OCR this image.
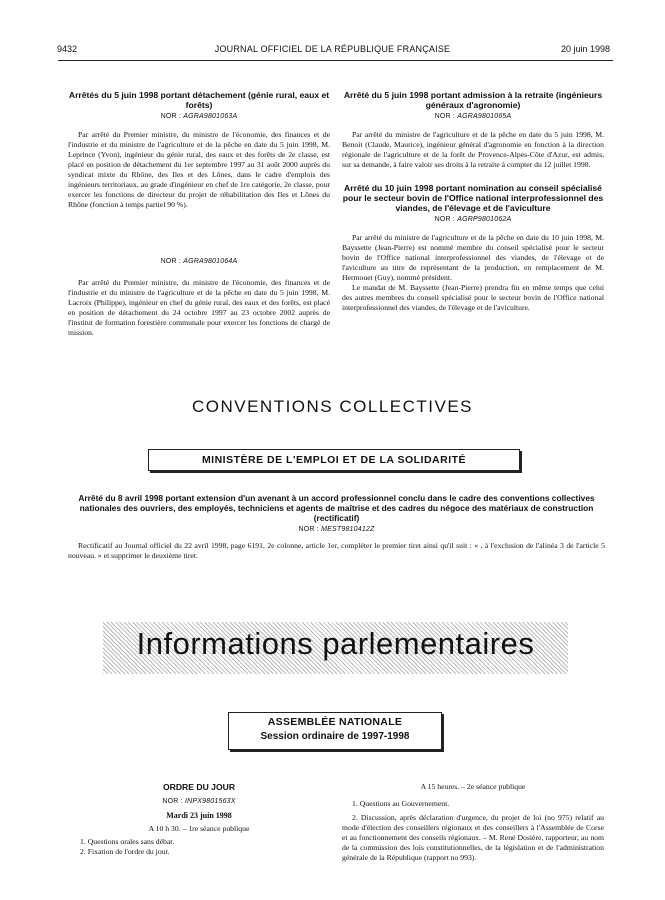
9432	JOURNAL OFFICIEL DE LA RÉPUBLIQUE FRANÇAISE	20 juin 1998

Arrêtés du 5 juin 1998 portant détachement (génie rural, eaux et forêts)

NOR : AGRA9801063A

Par arrêté du Premier ministre, du ministre de l'économie, des finances et de l'industrie et du ministre de l'agriculture et de la pêche en date du 5 juin 1998, M. Leprince (Yvon), ingénieur du génie rural, des eaux et des forêts de 2e classe, est placé en position de détachement du 1er septembre 1997 au 31 août 2000 auprès du syndicat mixte du Rhône, des Iles et des Lônes, dans le cadre d'emplois des ingénieurs territoriaux, au grade d'ingénieur en chef de 1re catégorie, 2e classe, pour exercer les fonctions de directeur du projet de réhabilitation des Iles et Lônes du Rhône (fonction à temps partiel 90 %).

NOR : AGRA9801064A

Par arrêté du Premier ministre, du ministre de l'économie, des finances et de l'industrie et du ministre de l'agriculture et de la pêche en date du 5 juin 1998, M. Lacroix (Philippe), ingénieur en chef du génie rural, des eaux et des forêts, est placé en position de détachement du 24 octobre 1997 au 23 octobre 2002 auprès de l'institut de formation forestière communale pour exercer les fonctions de chargé de mission.

Arrêté du 5 juin 1998 portant admission à la retraite (ingénieurs généraux d'agronomie)

NOR : AGRA9801065A

Par arrêté du ministre de l'agriculture et de la pêche en date du 5 juin 1998, M. Benoit (Claude, Maurice), ingénieur général d'agronomie en fonction à la direction régionale de l'agriculture et de la forêt de Provence-Alpes-Côte d'Azur, est admis, sur sa demande, à faire valoir ses droits à la retraite à compter du 12 juillet 1998.

Arrêté du 10 juin 1998 portant nomination au conseil spécialisé pour le secteur bovin de l'Office national interprofessionnel des viandes, de l'élevage et de l'aviculture

NOR : AGRP9801062A

Par arrêté du ministre de l'agriculture et de la pêche en date du 10 juin 1998, M. Bayssette (Jean-Pierre) est nommé membre du conseil spécialisé pour le secteur bovin de l'Office national interprofessionnel des viandes, de l'élevage et de l'aviculture au titre de représentant de la production, en remplacement de M. Hermouet (Guy), nommé président.

Le mandat de M. Bayssette (Jean-Pierre) prendra fin en même temps que celui des autres membres du conseil spécialisé pour le secteur bovin de l'Office national interprofessionnel des viandes, de l'élevage et de l'aviculture.

CONVENTIONS COLLECTIVES
MINISTÈRE DE L'EMPLOI ET DE LA SOLIDARITÉ

Arrêté du 8 avril 1998 portant extension d'un avenant à un accord professionnel conclu dans le cadre des conventions collectives nationales des ouvriers, des employés, techniciens et agents de maîtrise et des cadres du négoce des matériaux de construction (rectificatif)

NOR : MEST9810412Z

Rectificatif au Journal officiel du 22 avril 1998, page 6191, 2e colonne, article 1er, compléter le premier tiret ainsi qu'il suit : « , à l'exclusion de l'alinéa 3 de l'article 5 nouveau. » et supprimer le deuxième tiret.

Informations parlementaires
ASSEMBLÉE NATIONALE
Session ordinaire de 1997-1998

ORDRE DU JOUR

NOR : INPX9801563X

Mardi 23 juin 1998

A 10 h 30. – 1re séance publique

1. Questions orales sans débat.

2. Fixation de l'ordre du jour.

A 15 heures. – 2e séance publique

1. Questions au Gouvernement.

2. Discussion, après déclaration d'urgence, du projet de loi (no 975) relatif au mode d'élection des conseillers régionaux et des conseillers à l'Assemblée de Corse et au fonctionnement des conseils régionaux. – M. René Dosière, rapporteur, au nom de la commission des lois constitutionnelles, de la législation et de l'administration générale de la République (rapport no 993).
